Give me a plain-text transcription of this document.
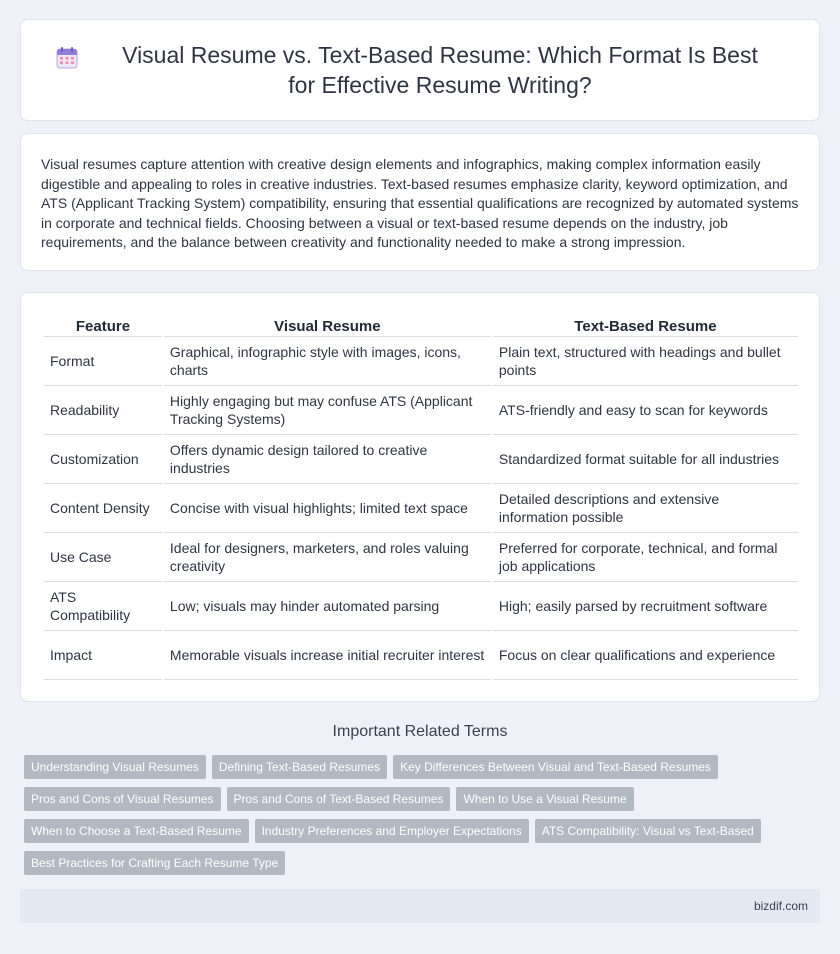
Visual Resume vs. Text-Based Resume: Which Format Is Best for Effective Resume Writing?

Visual resumes capture attention with creative design elements and infographics, making complex information easily digestible and appealing to roles in creative industries. Text-based resumes emphasize clarity, keyword optimization, and ATS (Applicant Tracking System) compatibility, ensuring that essential qualifications are recognized by automated systems in corporate and technical fields. Choosing between a visual or text-based resume depends on the industry, job requirements, and the balance between creativity and functionality needed to make a strong impression.

Feature	Visual Resume	Text-Based Resume
Format	Graphical, infographic style with images, icons, charts	Plain text, structured with headings and bullet points
Readability	Highly engaging but may confuse ATS (Applicant Tracking Systems)	ATS-friendly and easy to scan for keywords
Customization	Offers dynamic design tailored to creative industries	Standardized format suitable for all industries
Content Density	Concise with visual highlights; limited text space	Detailed descriptions and extensive information possible
Use Case	Ideal for designers, marketers, and roles valuing creativity	Preferred for corporate, technical, and formal job applications
ATS Compatibility	Low; visuals may hinder automated parsing	High; easily parsed by recruitment software
Impact	Memorable visuals increase initial recruiter interest	Focus on clear qualifications and experience
Important Related Terms
Understanding Visual Resumes	Defining Text-Based Resumes	Key Differences Between Visual and Text-Based Resumes
Pros and Cons of Visual Resumes	Pros and Cons of Text-Based Resumes	When to Use a Visual Resume
When to Choose a Text-Based Resume	Industry Preferences and Employer Expectations	ATS Compatibility: Visual vs Text-Based
Best Practices for Crafting Each Resume Type
bizdif.com
